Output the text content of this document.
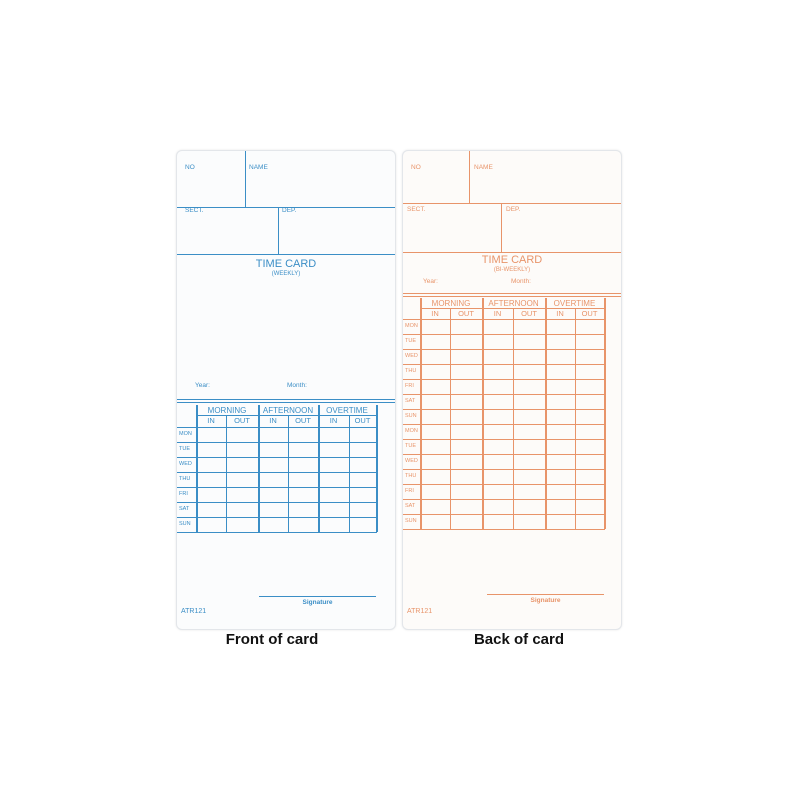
NO	NAME
SECT.	DEP.
TIME CARD
(WEEKLY)
Year:	Month:
Signature
ATR121
MORNING	AFTERNOON	OVERTIME
IN	OUT	IN	OUT	IN	OUT
MON
TUE
WED
THU
FRI
SAT
SUN
NO	NAME
SECT.	DEP.
TIME CARD
(BI-WEEKLY)
Year:	Month:
Signature
ATR121
MORNING	AFTERNOON	OVERTIME
IN	OUT	IN	OUT	IN	OUT
MON
TUE
WED
THU
FRI
SAT
SUN
MON
TUE
WED
THU
FRI
SAT
SUN
Front of card	Back of card
